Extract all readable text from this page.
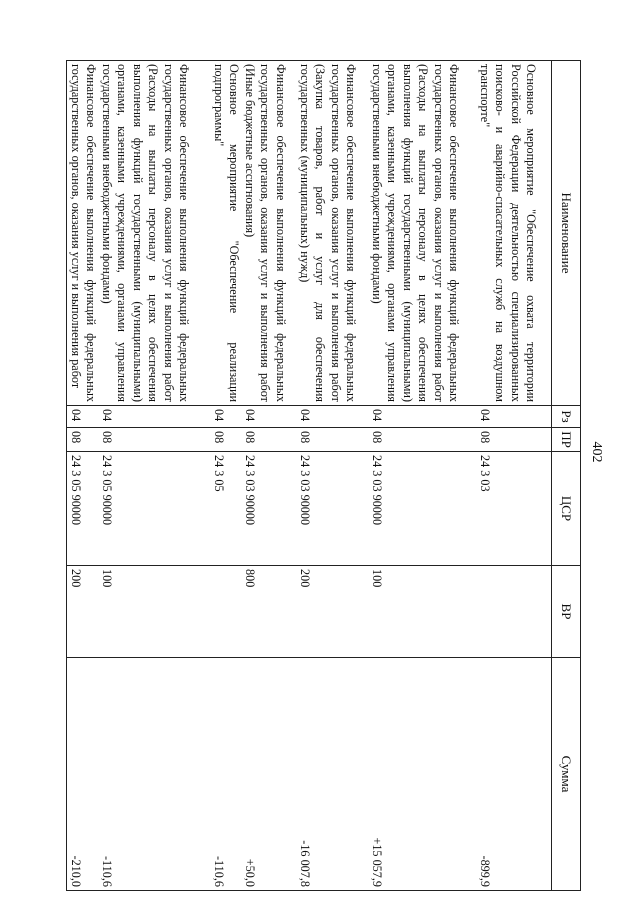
402
Наименование	Рз	ПР	ЦСР	ВР	Сумма
Основное мероприятие "Обеспечение охвата территории Российской Федерации деятельностью специализированных поисково- и аварийно-спасательных служб на воздушном транспорте"	04	08	24 3 03		-899,9
Финансовое обеспечение выполнения функций федеральных государственных органов, оказания услуг и выполнения работ (Расходы на выплаты персоналу в целях обеспечения выполнения функций государственными (муниципальными) органами, казенными учреждениями, органами управления государственными внебюджетными фондами)	04	08	24 3 03 90000	100	+15 057,9
Финансовое обеспечение выполнения функций федеральных государственных органов, оказания услуг и выполнения работ (Закупка товаров, работ и услуг для обеспечения государственных (муниципальных) нужд)	04	08	24 3 03 90000	200	-16 007,8
Финансовое обеспечение выполнения функций федеральных государственных органов, оказания услуг и выполнения работ (Иные бюджетные ассигнования)	04	08	24 3 03 90000	800	+50,0
Основное мероприятие "Обеспечение реализации подпрограммы"	04	08	24 3 05		-110,6
Финансовое обеспечение выполнения функций федеральных государственных органов, оказания услуг и выполнения работ (Расходы на выплаты персоналу в целях обеспечения выполнения функций государственными (муниципальными) органами, казенными учреждениями, органами управления государственными внебюджетными фондами)	04	08	24 3 05 90000	100	-110,6
Финансовое обеспечение выполнения функций федеральных государственных органов, оказания услуг и выполнения работ	04	08	24 3 05 90000	200	-210,0
